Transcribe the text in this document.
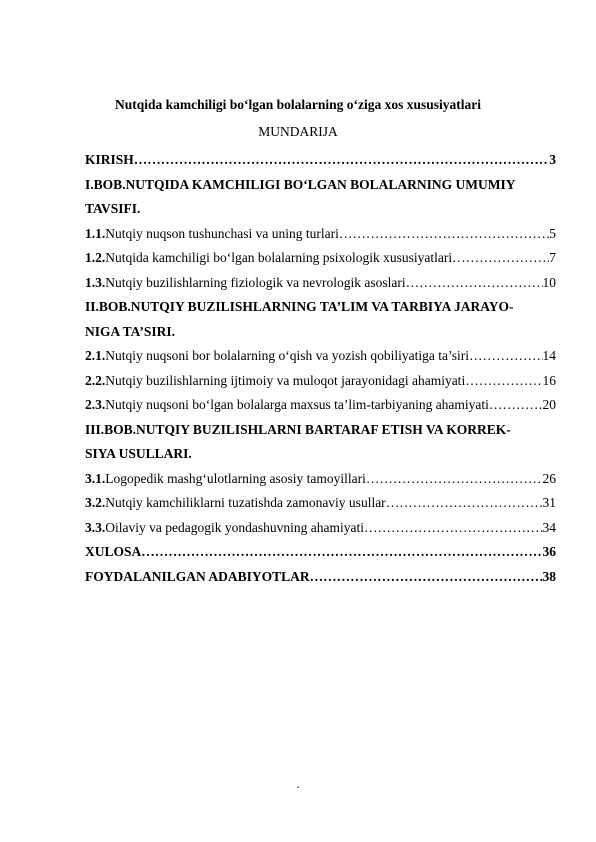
Nutqida kamchiligi bo‘lgan bolalarning o‘ziga xos xususiyatlari
MUNDARIJA
KIRISH …………………………………………………………………………………………………………………………………………	3
I.BOB.NUTQIDA KAMCHILIGI BO‘LGAN BOLALARNING UMUMIY
TAVSIFI.
1.1. Nutqiy nuqson tushunchasi va uning turlari …………………………………………………………………………………………………………………………………………	5
1.2. Nutqida kamchiligi bo‘lgan bolalarning psixologik xususiyatlari …………………………………………………………………………………………………………………………………………	7
1.3. Nutqiy buzilishlarning fiziologik va nevrologik asoslari …………………………………………………………………………………………………………………………………………	10
II.BOB.NUTQIY BUZILISHLARNING TA’LIM VA TARBIYA JARAYO-
NIGA TA’SIRI.
2.1. Nutqiy nuqsoni bor bolalarning o‘qish va yozish qobiliyatiga ta’siri …………………………………………………………………………………………………………………………………………	14
2.2. Nutqiy buzilishlarning ijtimoiy va muloqot jarayonidagi ahamiyati …………………………………………………………………………………………………………………………………………	16
2.3. Nutqiy nuqsoni bo‘lgan bolalarga maxsus ta’lim-tarbiyaning ahamiyati …………………………………………………………………………………………………………………………………………	20
III.BOB.NUTQIY BUZILISHLARNI BARTARAF ETISH VA KORREK-
SIYA USULLARI.
3.1. Logopedik mashg‘ulotlarning asosiy tamoyillari …………………………………………………………………………………………………………………………………………	26
3.2. Nutqiy kamchiliklarni tuzatishda zamonaviy usullar …………………………………………………………………………………………………………………………………………	31
3.3. Oilaviy va pedagogik yondashuvning ahamiyati …………………………………………………………………………………………………………………………………………	34
XULOSA …………………………………………………………………………………………………………………………………………	36
FOYDALANILGAN ADABIYOTLAR …………………………………………………………………………………………………………………………………………	38
.
